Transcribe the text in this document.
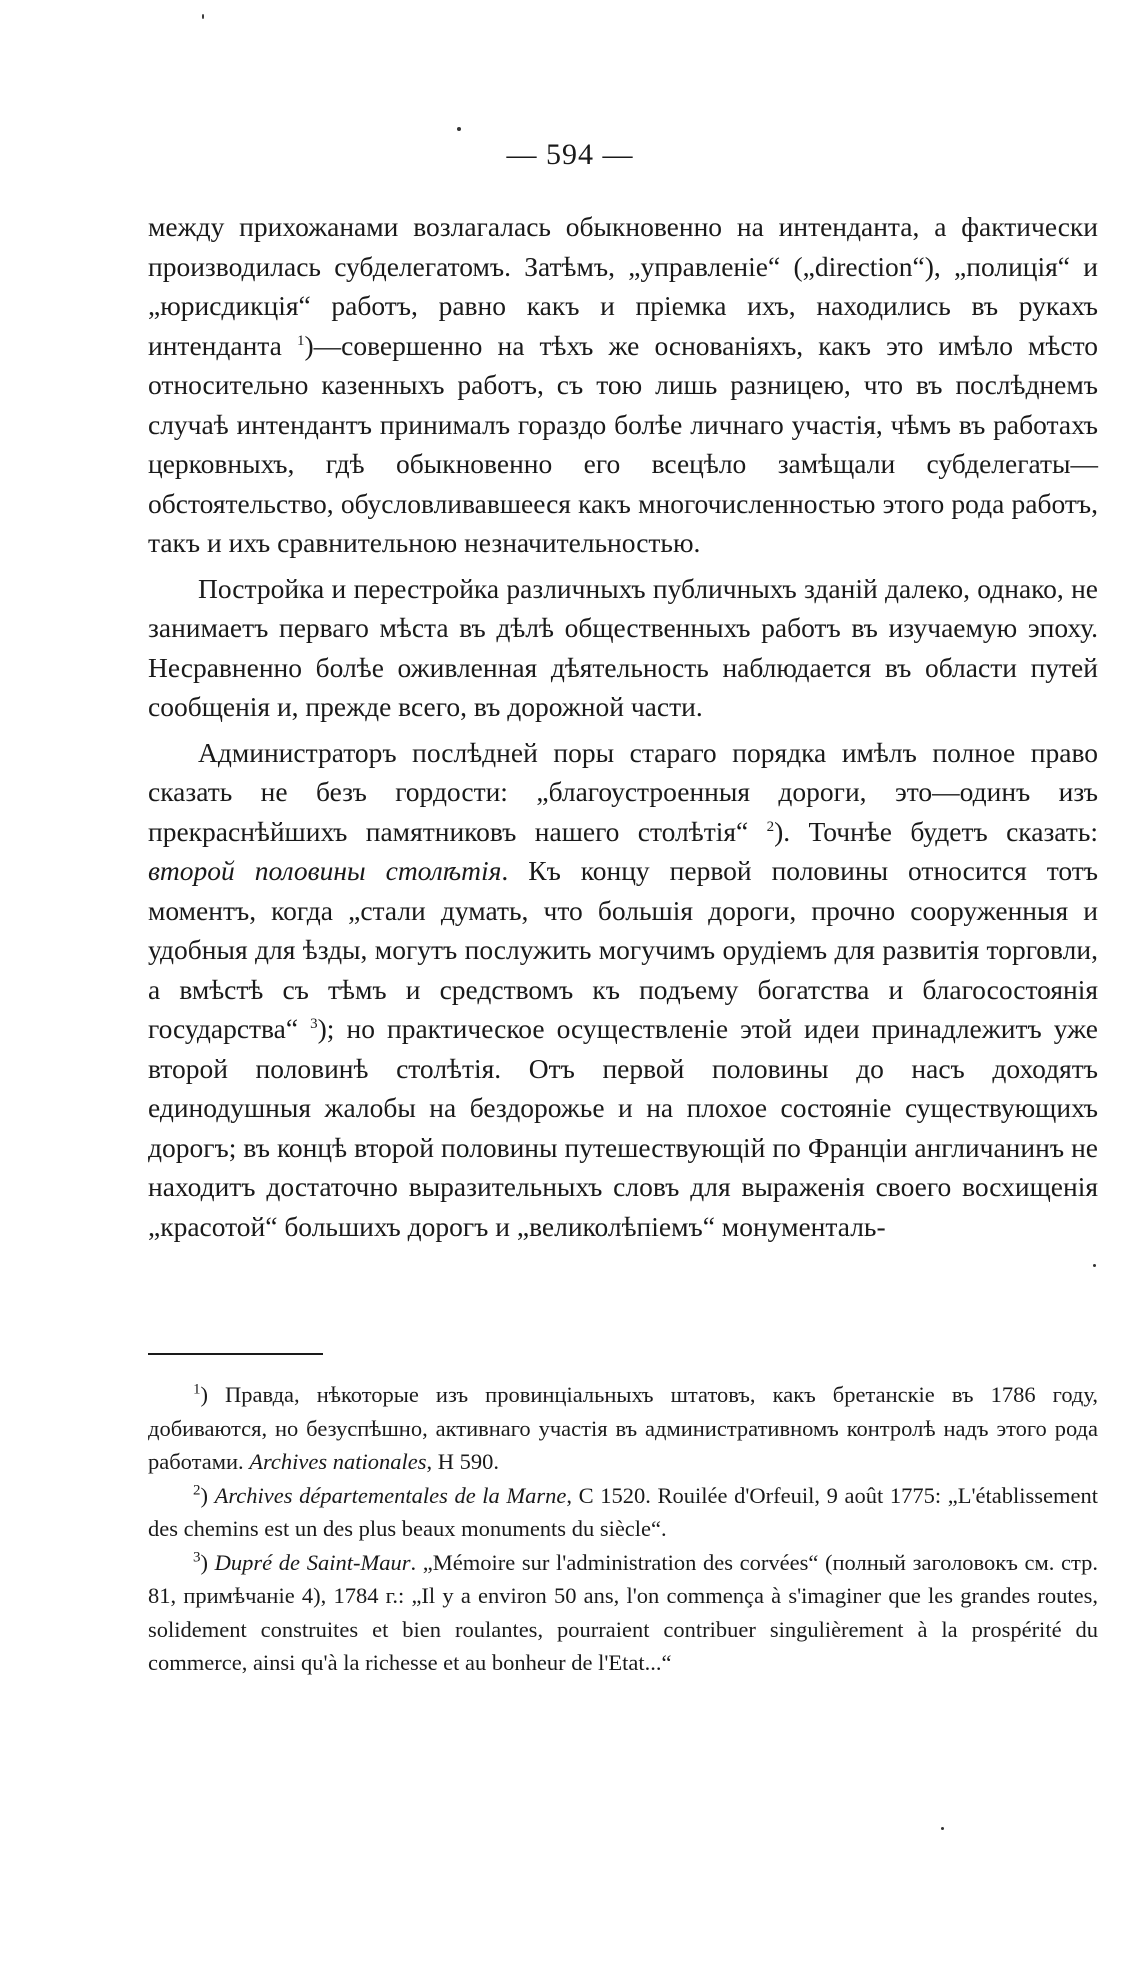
— 594 —

между прихожанами возлагалась обыкновенно на интенданта, а фактически производилась субделегатомъ. Затѣмъ, „управленіе“ („direction“), „полиція“ и „юрисдикція“ работъ, равно какъ и пріемка ихъ, находились въ рукахъ интенданта $^1$)—совершенно на тѣхъ же основаніяхъ, какъ это имѣло мѣсто относительно казенныхъ работъ, съ тою лишь разницею, что въ послѣднемъ случаѣ интендантъ принималъ гораздо болѣе личнаго участія, чѣмъ въ работахъ церковныхъ, гдѣ обыкновенно его всецѣло замѣщали субделегаты—обстоятельство, обусловливавшееся какъ многочисленностью этого рода работъ, такъ и ихъ сравнительною незначительностью.

Постройка и перестройка различныхъ публичныхъ зданій далеко, однако, не занимаетъ перваго мѣста въ дѣлѣ общественныхъ работъ въ изучаемую эпоху. Несравненно болѣе оживленная дѣятельность наблюдается въ области путей сообщенія и, прежде всего, въ дорожной части.

Администраторъ послѣдней поры стараго порядка имѣлъ полное право сказать не безъ гордости: „благоустроенныя дороги, это—одинъ изъ прекраснѣйшихъ памятниковъ нашего столѣтія“ $^2$). Точнѣе будетъ сказать: второй половины столѣтія. Къ концу первой половины относится тотъ моментъ, когда „стали думать, что большія дороги, прочно сооруженныя и удобныя для ѣзды, могутъ послужить могучимъ орудіемъ для развитія торговли, а вмѣстѣ съ тѣмъ и средствомъ къ подъему богатства и благосостоянія государства“ $^3$); но практическое осуществленіе этой идеи принадлежитъ уже второй половинѣ столѣтія. Отъ первой половины до насъ доходятъ единодушныя жалобы на бездорожье и на плохое состояніе существующихъ дорогъ; въ концѣ второй половины путешествующій по Франціи англичанинъ не находитъ достаточно выразительныхъ словъ для выраженія своего восхищенія „красотой“ большихъ дорогъ и „великолѣпіемъ“ монументаль-

$^1$) Правда, нѣкоторые изъ провинціальныхъ штатовъ, какъ бретанскіе въ 1786 году, добиваются, но безуспѣшно, активнаго участія въ административномъ контролѣ надъ этого рода работами. Archives nationales, H 590.

$^2$) Archives départementales de la Marne, C 1520. Rouilée d'Orfeuil, 9 août 1775: „L'établissement des chemins est un des plus beaux monuments du siècle“.

$^3$) Dupré de Saint-Maur. „Mémoire sur l'administration des corvées“ (полный заголовокъ см. стр. 81, примѣчаніе 4), 1784 г.: „Il y a environ 50 ans, l'on commença à s'imaginer que les grandes routes, solidement construites et bien roulantes, pourraient contribuer singulièrement à la prospérité du commerce, ainsi qu'à la richesse et au bonheur de l'Etat...“
